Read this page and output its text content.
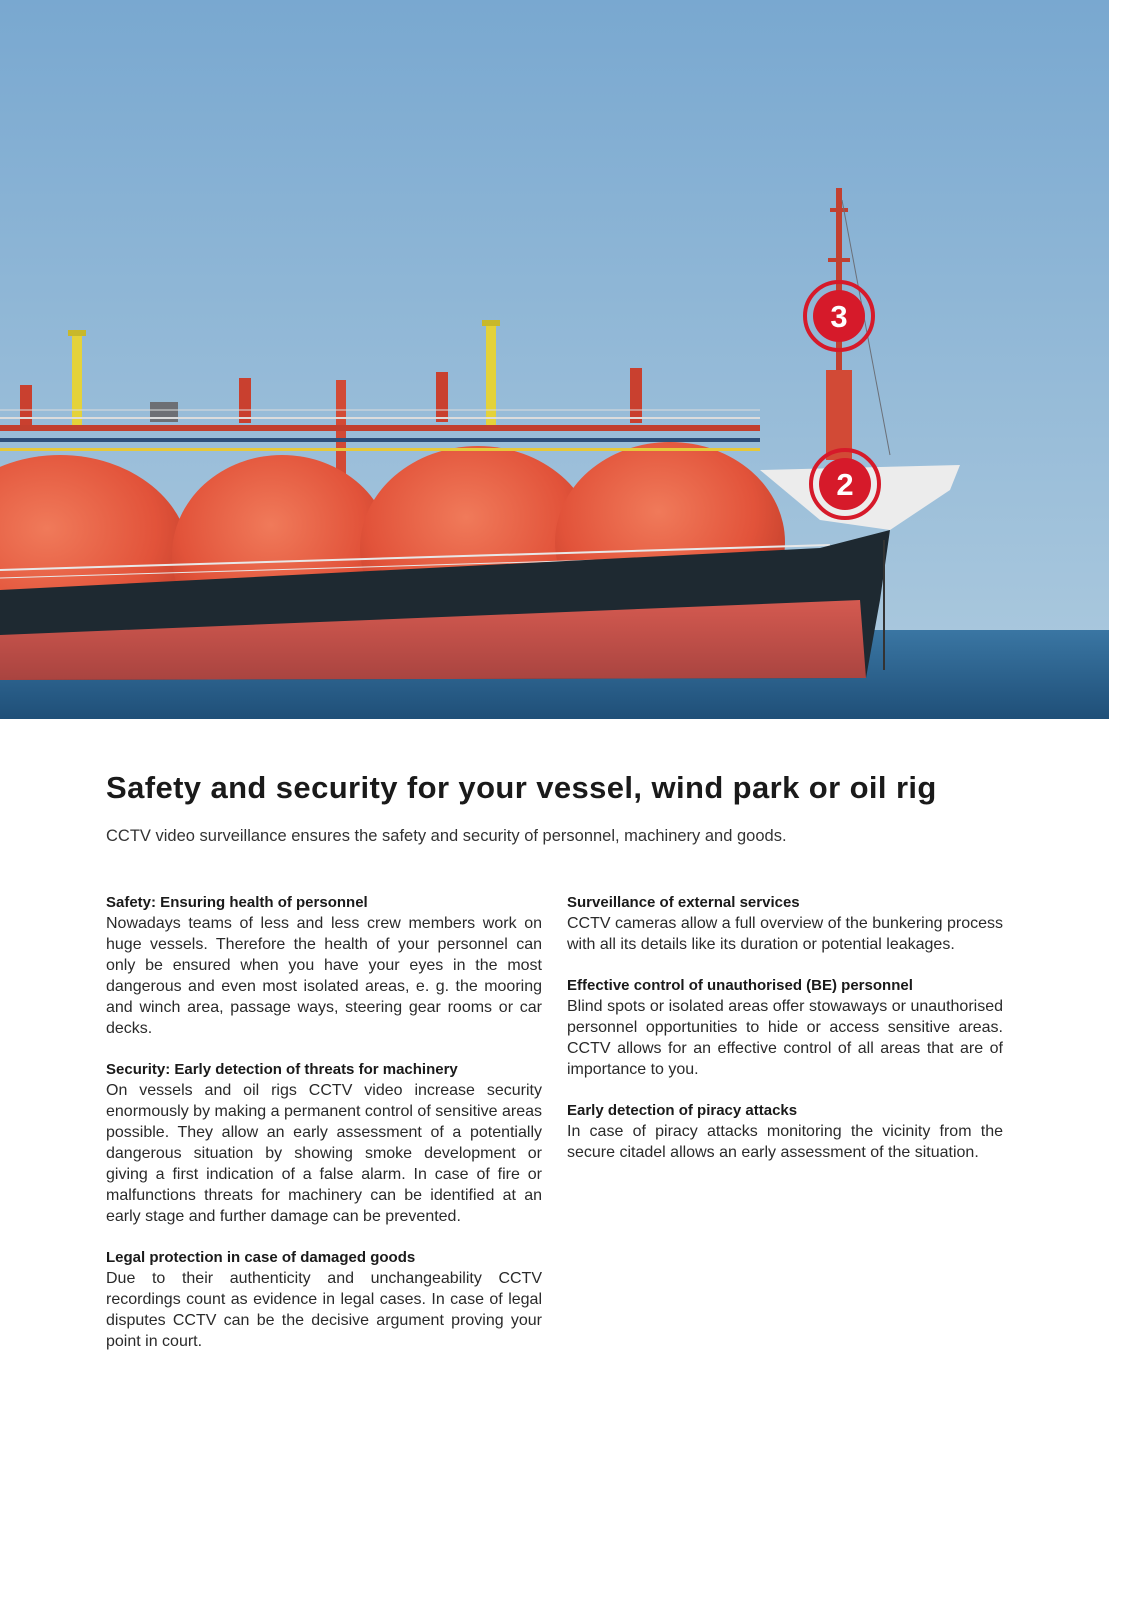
3
2
Safety and security for your vessel, wind park or oil rig

CCTV video surveillance ensures the safety and security of personnel, machinery and goods.

Safety: Ensuring health of personnel

Nowadays teams of less and less crew members work on huge vessels. Therefore the health of your personnel can only be ensured when you have your eyes in the most dangerous and even most isolated areas, e. g. the mooring and winch area, passage ways, steering gear rooms or car decks.

Security: Early detection of threats for machinery

On vessels and oil rigs CCTV video increase security enormously by making a permanent control of sensitive areas possible. They allow an early assessment of a potentially dangerous situation by showing smoke development or giving a first indication of a false alarm. In case of fire or malfunctions threats for machinery can be identified at an early stage and further damage can be prevented.

Legal protection in case of damaged goods

Due to their authenticity and unchangeability CCTV recordings count as evidence in legal cases. In case of legal disputes CCTV can be the decisive argument proving your point in court.

Surveillance of external services

CCTV cameras allow a full overview of the bunkering process with all its details like its duration or potential leakages.

Effective control of unauthorised (BE) personnel

Blind spots or isolated areas offer stowaways or unauthorised personnel opportunities to hide or access sensitive areas. CCTV allows for an effective control of all areas that are of importance to you.

Early detection of piracy attacks

In case of piracy attacks monitoring the vicinity from the secure citadel allows an early assessment of the situation.
